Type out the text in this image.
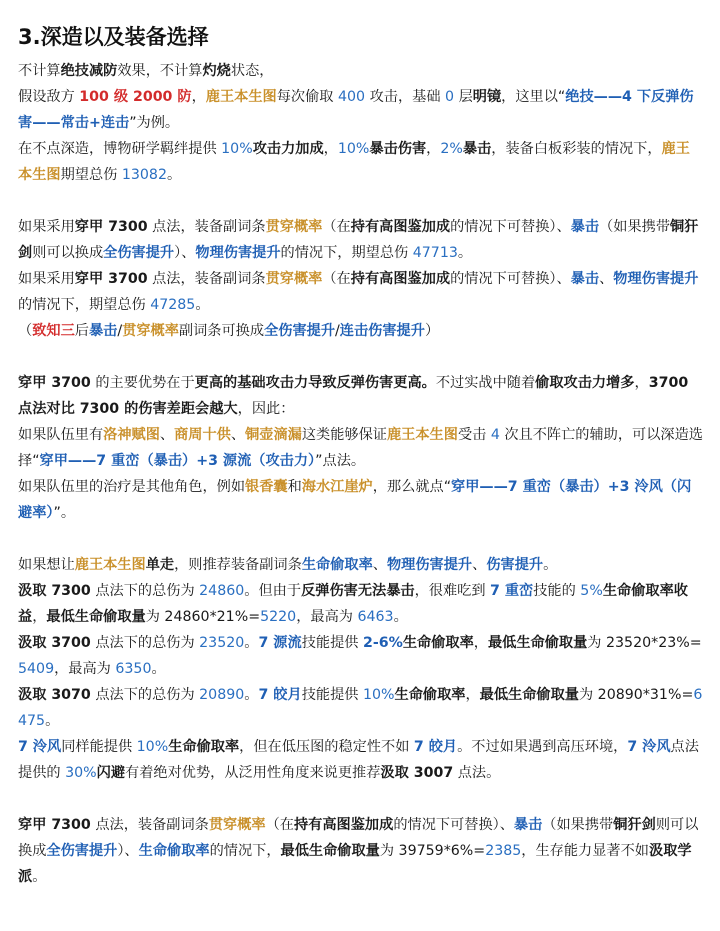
3.深造以及装备选择

不计算绝技减防效果，不计算灼烧状态，

假设敌方 100 级 2000 防，鹿王本生图每次偷取 400 攻击，基础 0 层明镜，这里以“绝技——4 下反弹伤害——常击+连击”为例。

在不点深造，博物研学羁绊提供 10%攻击力加成，10%暴击伤害，2%暴击，装备白板彩装的情况下，鹿王本生图期望总伤 13082。

如果采用穿甲 7300 点法，装备副词条贯穿概率（在持有高图鉴加成的情况下可替换）、暴击（如果携带铜犴剑则可以换成全伤害提升）、物理伤害提升的情况下，期望总伤 47713。

如果采用穿甲 3700 点法，装备副词条贯穿概率（在持有高图鉴加成的情况下可替换）、暴击、物理伤害提升的情况下，期望总伤 47285。

（致知三后暴击/贯穿概率副词条可换成全伤害提升/连击伤害提升）

穿甲 3700 的主要优势在于更高的基础攻击力导致反弹伤害更高。不过实战中随着偷取攻击力增多，3700 点法对比 7300 的伤害差距会越大，因此：

如果队伍里有洛神赋图、商周十供、铜壶滴漏这类能够保证鹿王本生图受击 4 次且不阵亡的辅助，可以深造选择“穿甲——7 重峦（暴击）+3 源流（攻击力）”点法。

如果队伍里的治疗是其他角色，例如银香囊和海水江崖炉，那么就点“穿甲——7 重峦（暴击）+3 泠风（闪避率）”。

如果想让鹿王本生图单走，则推荐装备副词条生命偷取率、物理伤害提升、伤害提升。

汲取 7300 点法下的总伤为 24860。但由于反弹伤害无法暴击，很难吃到 7 重峦技能的 5%生命偷取率收益，最低生命偷取量为 24860*21%=5220，最高为 6463。

汲取 3700 点法下的总伤为 23520。7 源流技能提供 2-6%生命偷取率，最低生命偷取量为 23520*23%=5409，最高为 6350。

汲取 3070 点法下的总伤为 20890。7 皎月技能提供 10%生命偷取率，最低生命偷取量为 20890*31%=6475。

7 泠风同样能提供 10%生命偷取率，但在低压图的稳定性不如 7 皎月。不过如果遇到高压环境，7 泠风点法提供的 30%闪避有着绝对优势，从泛用性角度来说更推荐汲取 3007 点法。

穿甲 7300 点法，装备副词条贯穿概率（在持有高图鉴加成的情况下可替换）、暴击（如果携带铜犴剑则可以换成全伤害提升）、生命偷取率的情况下，最低生命偷取量为 39759*6%=2385，生存能力显著不如汲取学派。
